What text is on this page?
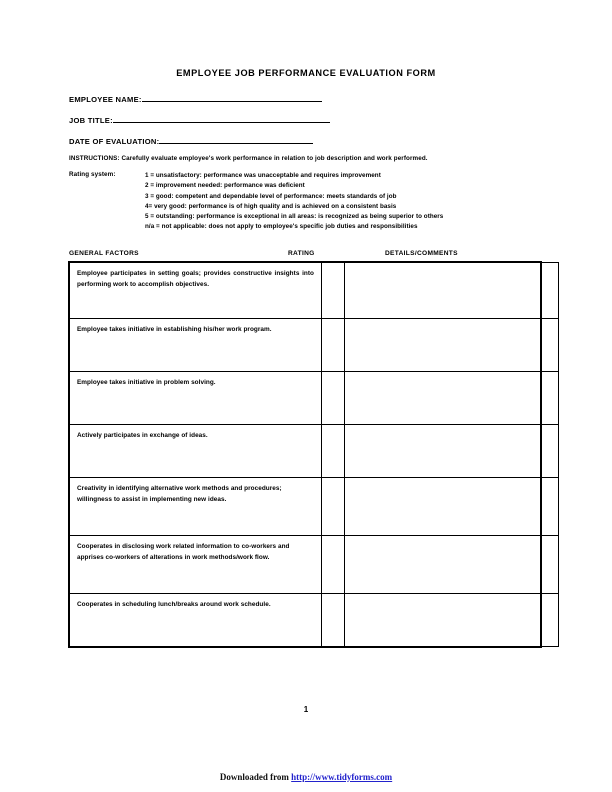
EMPLOYEE JOB PERFORMANCE EVALUATION FORM
EMPLOYEE NAME:
JOB TITLE:
DATE OF EVALUATION:
INSTRUCTIONS: Carefully evaluate employee's work performance in relation to job description and work performed.
Rating system:	1 = unsatisfactory: performance was unacceptable and requires improvement
2 = improvement needed: performance was deficient
3 = good: competent and dependable level of performance: meets standards of job
4= very good: performance is of high quality and is achieved on a consistent basis
5 = outstanding: performance is exceptional in all areas: is recognized as being superior to others
n/a = not applicable: does not apply to employee's specific job duties and responsibilities
GENERAL FACTORS	RATING	DETAILS/COMMENTS
Employee participates in setting goals; provides constructive insights into performing work to accomplish objectives.		
Employee takes initiative in establishing his/her work program.		
Employee takes initiative in problem solving.		
Actively participates in exchange of ideas.		
Creativity in identifying alternative work methods and procedures; willingness to assist in implementing new ideas.		
Cooperates in disclosing work related information to co-workers and apprises co-workers of alterations in work methods/work flow.		
Cooperates in scheduling lunch/breaks around work schedule.		
1
Downloaded from http://www.tidyforms.com
